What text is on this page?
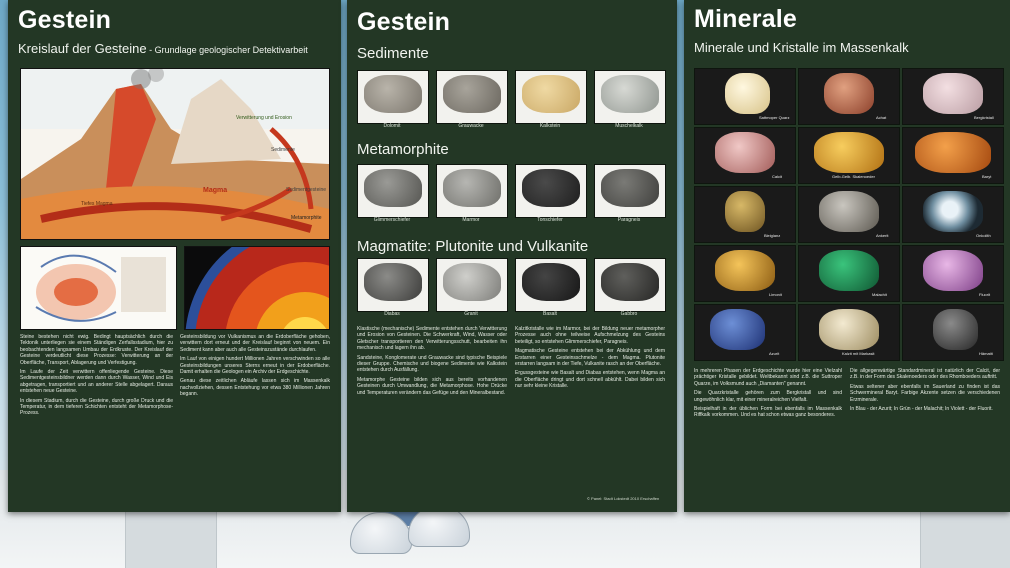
Gestein
Kreislauf der Gesteine - Grundlage geologischer Detektivarbeit
Verwitterung und Erosion
Sedimente
Sedimentgesteine
Metamorphite
Magma
Tiefes Magma

Steine bestehen nicht ewig. Bedingt hauptsächlich durch die Tektonik unterliegen sie einem Ständigen Zerfallsstadium, hier zu beobachtenden langsamen Umbau der Erdkruste. Der Kreislauf der Gesteine verdeutlicht diese Prozesse: Verwitterung an der Oberfläche, Transport, Ablagerung und Verfestigung.

Im Laufe der Zeit verwittern offenliegende Gesteine. Diese Sedimentgesteinsbildner werden dann durch Wasser, Wind und Eis abgetragen, transportiert und an anderer Stelle abgelagert. Daraus entstehen neue Gesteine.

In diesem Stadium, durch die Gesteine, durch große Druck und die Temperatur, in dem tieferen Schichten entsteht der Metamorphose-Prozess.

Gesteinsbildung vor Vulkanismus an die Erdoberfläche gehoben, verwittern dort erneut und der Kreislauf beginnt von neuem. Ein Sediment kann aber auch alle Gesteinszustände durchlaufen.

Im Lauf von einigen hundert Millionen Jahren verschwinden so alle Gesteinsbildungen unseres Sterns erneut in der Erdoberfläche. Damit erhalten die Geologen ein Archiv der Erdgeschichte.

Genau diese zeitlichen Abläufe lassen sich im Massenkalk nachvollziehen, dessen Entstehung vor etwa 380 Millionen Jahren begann.

Gestein
Sedimente
Dolomit	Grauwacke	Kalkstein	Muschelkalk
Metamorphite
Glimmerschiefer	Marmor	Tonschiefer	Paragneis
Magmatite: Plutonite und Vulkanite
Diabas	Granit	Basalt	Gabbro

Klastische (mechanische) Sedimente entstehen durch Verwitterung und Erosion von Gesteinen. Die Schwerkraft, Wind, Wasser oder Gletscher transportieren den Verwitterungsschutt, bearbeiten ihn mechanisch und lagern ihn ab.

Sandsteine, Konglomerate und Grauwacke sind typische Beispiele dieser Gruppe. Chemische und biogene Sedimente wie Kalkstein entstehen durch Ausfällung.

Metamorphe Gesteine bilden sich aus bereits vorhandenen Gesteinen durch Umwandlung, die Metamorphose. Hohe Drücke und Temperaturen verändern das Gefüge und den Mineralbestand.

Kalzitkristalle wie im Marmor, bei der Bildung neuer metamorpher Prozesse auch ohne teilweise Aufschmelzung des Gesteins beteiligt, so entstehen Glimmerschiefer, Paragneis.

Magmatische Gesteine entstehen bei der Abkühlung und dem Erstarren einer Gesteinsschmelze - dem Magma. Plutonite erstarren langsam in der Tiefe, Vulkanite rasch an der Oberfläche.

Ergussgesteine wie Basalt und Diabas entstehen, wenn Magma an die Oberfläche dringt und dort schnell abkühlt. Dabei bilden sich nur sehr kleine Kristalle.

© Panel: Stadt Lokstedt 2010 Erschaffen
Minerale
Minerale und Kristalle im Massenkalk
Sattmoper Quarz	Achat	Bergkristall
Calcit	Gelb-Gelb. Skalenoeder	Baryt
Bleiglanz	Ankerit	Onkolith
Limonit	Malachit	Fluorit
Azurit	Kalzit mit Markasit	Hämatit

In mehreren Phasen der Erdgeschichte wurde hier eine Vielzahl prächtiger Kristalle gebildet. Weltbekannt sind z.B. die Suttroper Quarze, im Volksmund auch „Diamanten" genannt.

Die Quarzkristalle gehören zum Bergkristall und sind ungewöhnlich klar, mit einer mineralreichen Vielfalt.

Beispielhaft in der üblichen Form bei ebenfalls im Massenkalk Riffkalk vorkommen. Und es hat schon etwas ganz besonderes.

Die allgegenwärtige Standardmineral ist natürlich der Calcit, der z.B. in der Form des Skalenoeders oder des Rhomboeders auftritt.

Etwas seltener aber ebenfalls im Sauerland zu finden ist das Schwermineral Baryt. Farbige Akzente setzen die verschiedenen Erzminerale.

In Blau - der Azurit; In Grün - der Malachit; In Violett - der Fluorit.
